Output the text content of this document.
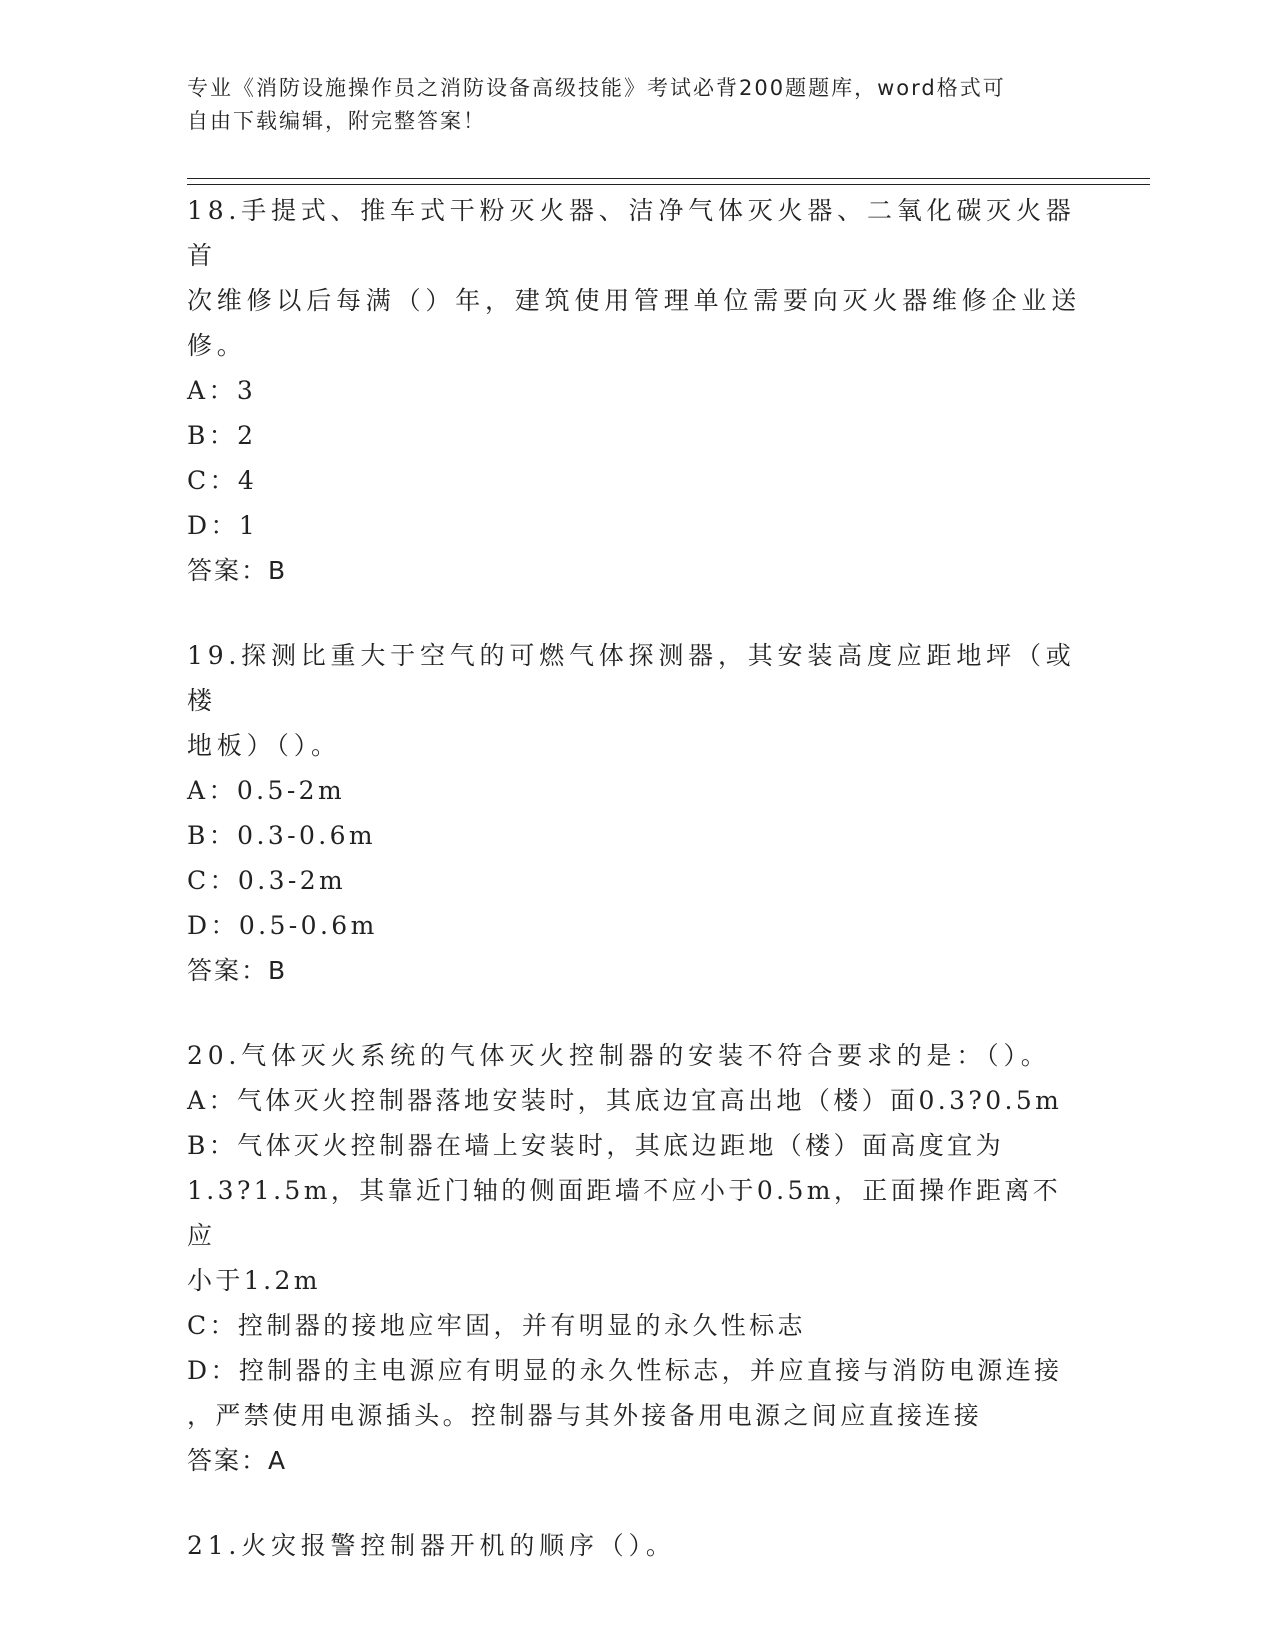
专业《消防设施操作员之消防设备高级技能》考试必背200题题库，word格式可
自由下载编辑，附完整答案！

18.手提式、推车式干粉灭火器、洁净气体灭火器、二氧化碳灭火器首

次维修以后每满（）年，建筑使用管理单位需要向灭火器维修企业送

修。

A：3

B：2

C：4

D：1

答案：B

19.探测比重大于空气的可燃气体探测器，其安装高度应距地坪（或楼

地板）（）。

A：0.5-2m

B：0.3-0.6m

C：0.3-2m

D：0.5-0.6m

答案：B

20.气体灭火系统的气体灭火控制器的安装不符合要求的是：（）。

A：气体灭火控制器落地安装时，其底边宜高出地（楼）面0.3?0.5m

B：气体灭火控制器在墙上安装时，其底边距地（楼）面高度宜为

1.3?1.5m，其靠近门轴的侧面距墙不应小于0.5m，正面操作距离不应

小于1.2m

C：控制器的接地应牢固，并有明显的永久性标志

D：控制器的主电源应有明显的永久性标志，并应直接与消防电源连接

，严禁使用电源插头。控制器与其外接备用电源之间应直接连接

答案：A

21.火灾报警控制器开机的顺序（）。
